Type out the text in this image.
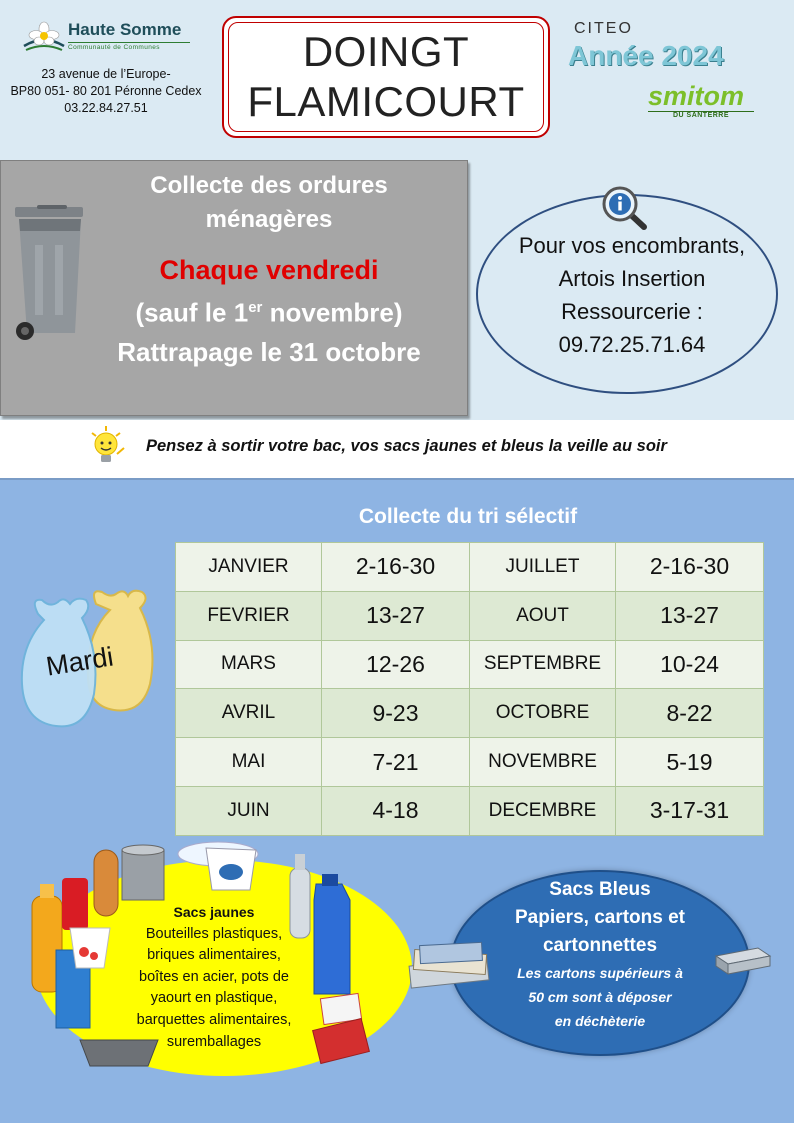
Haute Somme
Communauté de Communes
23 avenue de l’Europe-
BP80 051- 80 201 Péronne Cedex
03.22.84.27.51
DOINGT
FLAMICOURT
CITEO
Année 2024
smitom
DU SANTERRE
Collecte des ordures
ménagères
Chaque vendredi
(sauf le 1er novembre)
Rattrapage le 31 octobre
Pour vos encombrants,
Artois Insertion
Ressourcerie :
09.72.25.71.64
Pensez à sortir votre bac, vos sacs jaunes et bleus la veille au soir
Collecte du tri sélectif
Mardi
JANVIER	2-16-30	JUILLET	2-16-30
FEVRIER	13-27	AOUT	13-27
MARS	12-26	SEPTEMBRE	10-24
AVRIL	9-23	OCTOBRE	8-22
MAI	7-21	NOVEMBRE	5-19
JUIN	4-18	DECEMBRE	3-17-31
Sacs jaunes
Bouteilles plastiques,
briques alimentaires,
boîtes en acier, pots de
yaourt en plastique,
barquettes alimentaires,
suremballages
Sacs Bleus
Papiers, cartons et
cartonnettes
Les cartons supérieurs à
50 cm sont à déposer
en déchèterie
